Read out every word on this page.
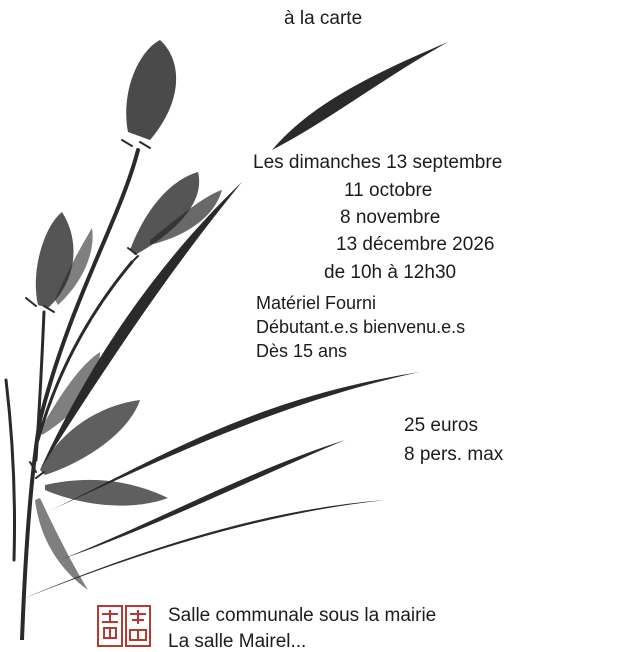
à la carte
Les dimanches 13 septembre
11 octobre
8 novembre
13 décembre 2026
de 10h à 12h30
Matériel Fourni
Débutant.e.s bienvenu.e.s
Dès 15 ans
25 euros
8 pers. max
Salle communale sous la mairie
La salle Mairel...
